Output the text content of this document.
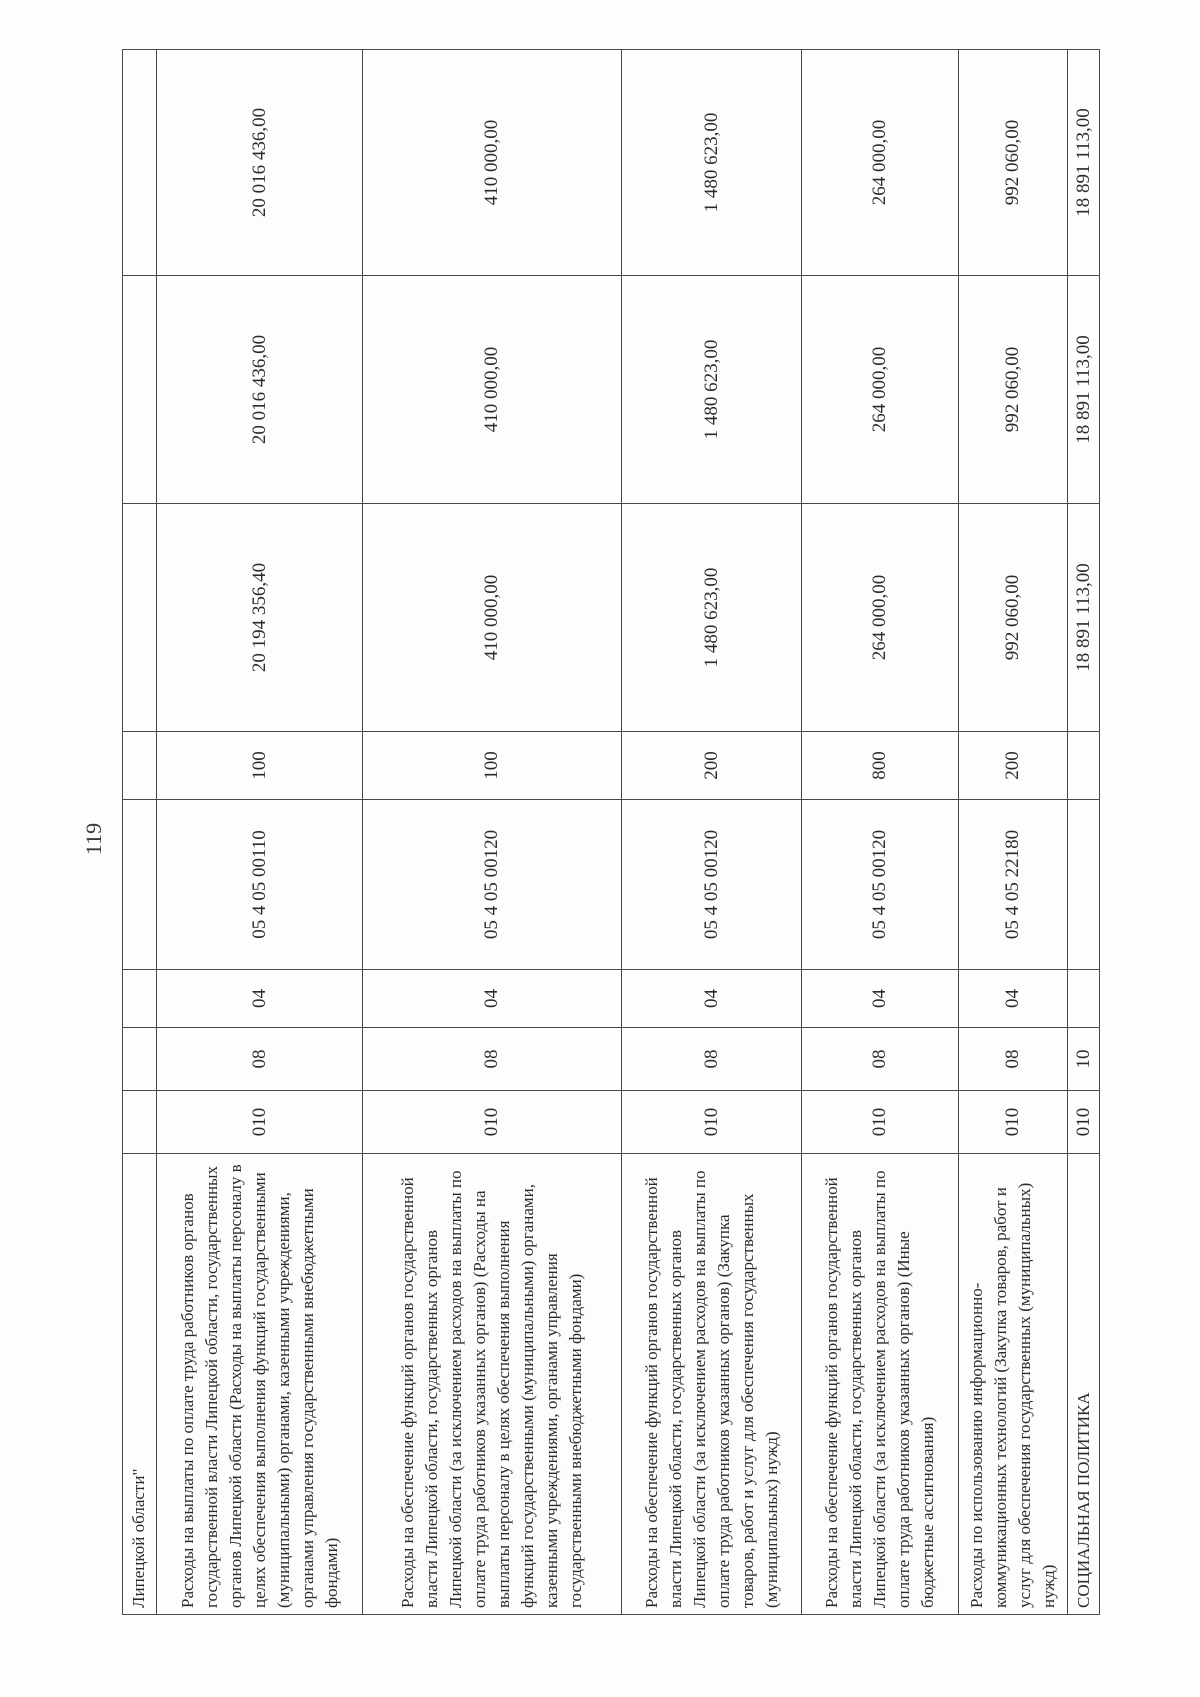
119
Липецкой области"								
Расходы на выплаты по оплате труда работников органов государственной власти Липецкой области, государственных органов Липецкой области (Расходы на выплаты персоналу в целях обеспечения выполнения функций государственными (муниципальными) органами, казенными учреждениями, органами управления государственными внебюджетными фондами)	010	08	04	05 4 05 00110	100	20 194 356,40	20 016 436,00	20 016 436,00
Расходы на обеспечение функций органов государственной власти Липецкой области, государственных органов Липецкой области (за исключением расходов на выплаты по оплате труда работников указанных органов) (Расходы на выплаты персоналу в целях обеспечения выполнения функций государственными (муниципальными) органами, казенными учреждениями, органами управления государственными внебюджетными фондами)	010	08	04	05 4 05 00120	100	410 000,00	410 000,00	410 000,00
Расходы на обеспечение функций органов государственной власти Липецкой области, государственных органов Липецкой области (за исключением расходов на выплаты по оплате труда работников указанных органов) (Закупка товаров, работ и услуг для обеспечения государственных (муниципальных) нужд)	010	08	04	05 4 05 00120	200	1 480 623,00	1 480 623,00	1 480 623,00
Расходы на обеспечение функций органов государственной власти Липецкой области, государственных органов Липецкой области (за исключением расходов на выплаты по оплате труда работников указанных органов) (Иные бюджетные ассигнования)	010	08	04	05 4 05 00120	800	264 000,00	264 000,00	264 000,00
Расходы по использованию информационно-коммуникационных технологий (Закупка товаров, работ и услуг для обеспечения государственных (муниципальных) нужд)	010	08	04	05 4 05 22180	200	992 060,00	992 060,00	992 060,00
СОЦИАЛЬНАЯ ПОЛИТИКА	010	10				18 891 113,00	18 891 113,00	18 891 113,00
